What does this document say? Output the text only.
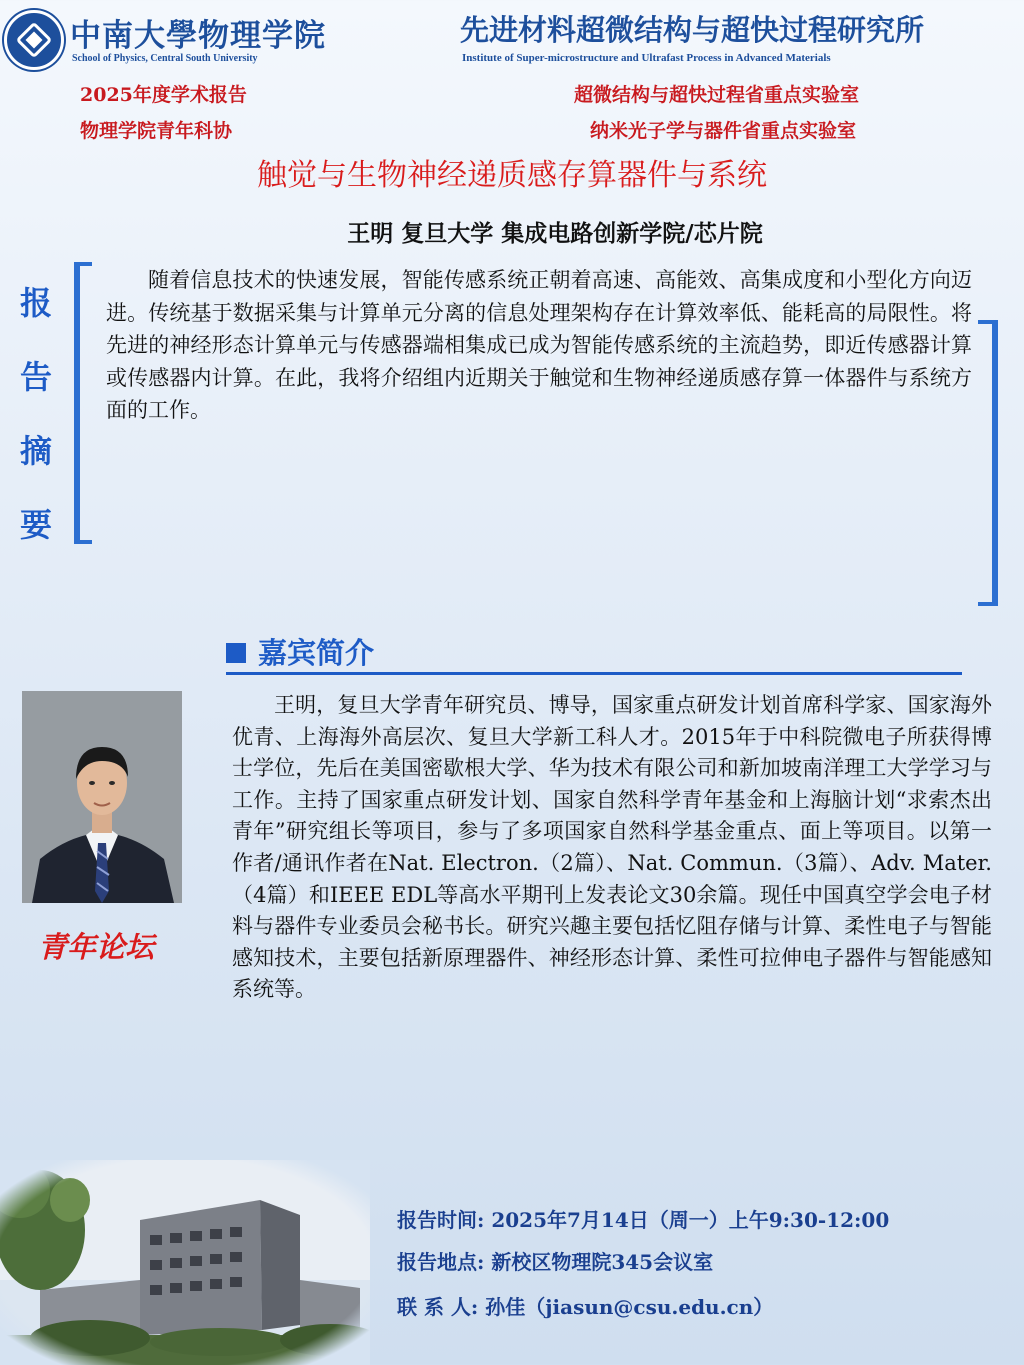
中南大學物理学院
School of Physics, Central South University
先进材料超微结构与超快过程研究所
Institute of Super-microstructure and Ultrafast Process in Advanced Materials
2025年度学术报告
物理学院青年科协
超微结构与超快过程省重点实验室
纳米光子学与器件省重点实验室
触觉与生物神经递质感存算器件与系统
王明 复旦大学 集成电路创新学院/芯片院
报
告
摘
要
随着信息技术的快速发展，智能传感系统正朝着高速、高能效、高集成度和小型化方向迈进。传统基于数据采集与计算单元分离的信息处理架构存在计算效率低、能耗高的局限性。将先进的神经形态计算单元与传感器端相集成已成为智能传感系统的主流趋势，即近传感器计算或传感器内计算。在此，我将介绍组内近期关于触觉和生物神经递质感存算一体器件与系统方面的工作。
嘉宾简介
青年论坛
王明，复旦大学青年研究员、博导，国家重点研发计划首席科学家、国家海外优青、上海海外高层次、复旦大学新工科人才。2015年于中科院微电子所获得博士学位，先后在美国密歇根大学、华为技术有限公司和新加坡南洋理工大学学习与工作。主持了国家重点研发计划、国家自然科学青年基金和上海脑计划“求索杰出青年”研究组长等项目，参与了多项国家自然科学基金重点、面上等项目。以第一作者/通讯作者在Nat. Electron.（2篇）、Nat. Commun.（3篇）、Adv. Mater.（4篇）和IEEE EDL等高水平期刊上发表论文30余篇。现任中国真空学会电子材料与器件专业委员会秘书长。研究兴趣主要包括忆阻存储与计算、柔性电子与智能感知技术，主要包括新原理器件、神经形态计算、柔性可拉伸电子器件与智能感知系统等。
报告时间: 2025年7月14日（周一）上午9:30-12:00
报告地点: 新校区物理院345会议室
联 系 人: 孙佳（jiasun@csu.edu.cn）
